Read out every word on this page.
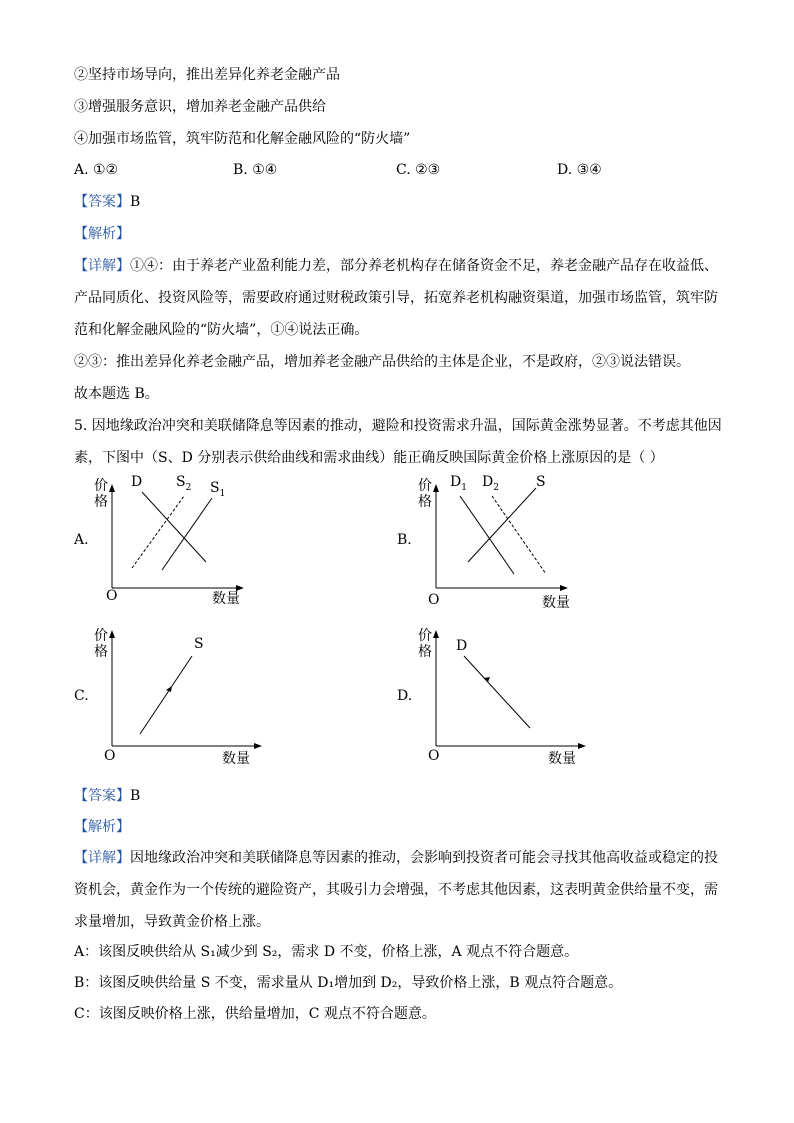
②坚持市场导向，推出差异化养老金融产品
③增强服务意识，增加养老金融产品供给
④加强市场监管，筑牢防范和化解金融风险的“防火墙”
A. ①②	B. ①④	C. ②③	D. ③④
【答案】B
【解析】
【详解】①④：由于养老产业盈利能力差，部分养老机构存在储备资金不足，养老金融产品存在收益低、
产品同质化、投资风险等，需要政府通过财税政策引导，拓宽养老机构融资渠道，加强市场监管，筑牢防
范和化解金融风险的“防火墙”，①④说法正确。
②③：推出差异化养老金融产品，增加养老金融产品供给的主体是企业，不是政府，②③说法错误。
故本题选 B。
5. 因地缘政治冲突和美联储降息等因素的推动，避险和投资需求升温，国际黄金涨势显著。不考虑其他因
素，下图中（S、D 分别表示供给曲线和需求曲线）能正确反映国际黄金价格上涨原因的是（ ）
A.
价格
O	数量
D $S_2$ $S_1$
B.
价格
O	数量
$D_1$ $D_2$	S
C.
价格
O	数量
S
D.
价格
O	数量
D
【答案】B
【解析】
【详解】因地缘政治冲突和美联储降息等因素的推动，会影响到投资者可能会寻找其他高收益或稳定的投
资机会，黄金作为一个传统的避险资产，其吸引力会增强，不考虑其他因素，这表明黄金供给量不变，需
求量增加，导致黄金价格上涨。
A：该图反映供给从 S₁减少到 S₂，需求 D 不变，价格上涨，A 观点不符合题意。
B：该图反映供给量 S 不变，需求量从 D₁增加到 D₂，导致价格上涨，B 观点符合题意。
C：该图反映价格上涨，供给量增加，C 观点不符合题意。
